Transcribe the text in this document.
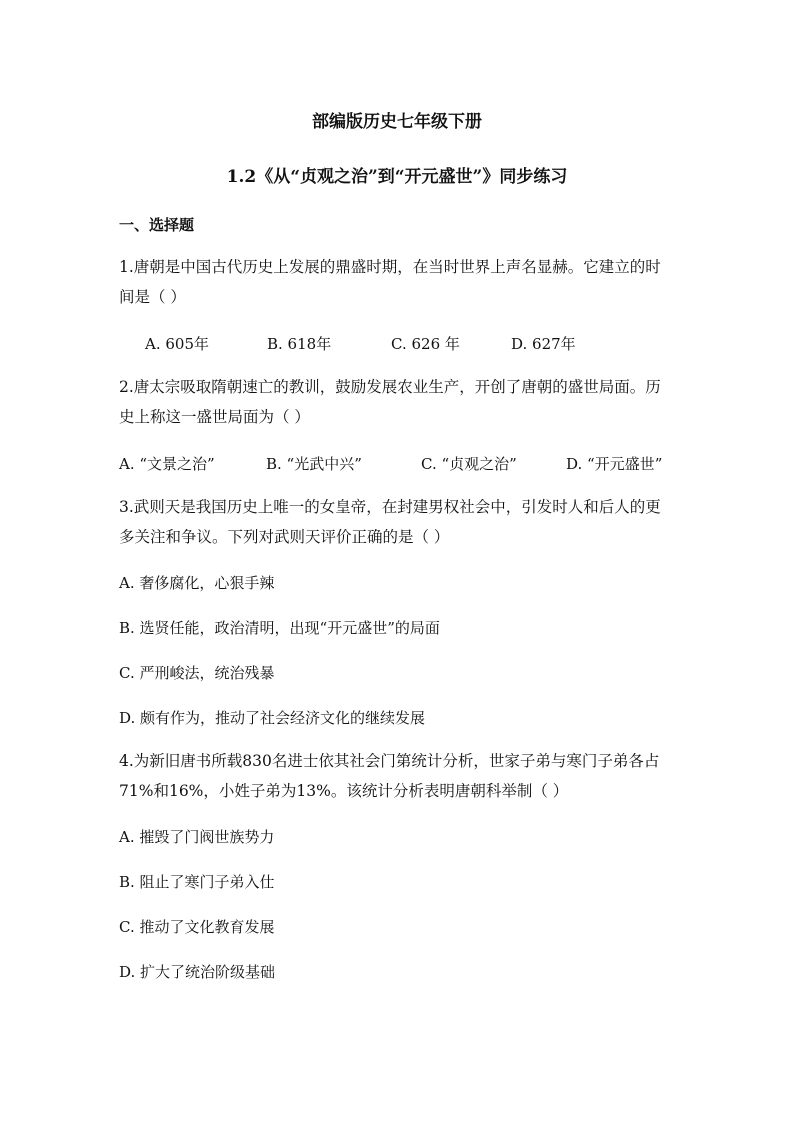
部编版历史七年级下册
1.2《从“贞观之治”到“开元盛世”》同步练习
一、选择题
1.唐朝是中国古代历史上发展的鼎盛时期，在当时世界上声名显赫。它建立的时
间是（ ）
A. 605年	B. 618年	C. 626 年	D. 627年
2.唐太宗吸取隋朝速亡的教训，鼓励发展农业生产，开创了唐朝的盛世局面。历
史上称这一盛世局面为（ ）
A. “文景之治”	B. “光武中兴”	C. “贞观之治”	D. “开元盛世”
3.武则天是我国历史上唯一的女皇帝，在封建男权社会中，引发时人和后人的更
多关注和争议。下列对武则天评价正确的是（ ）
A. 奢侈腐化，心狠手辣
B. 选贤任能，政治清明，出现“开元盛世”的局面
C. 严刑峻法，统治残暴
D. 颇有作为，推动了社会经济文化的继续发展
4.为新旧唐书所载830名进士依其社会门第统计分析，世家子弟与寒门子弟各占
71%和16%，小姓子弟为13%。该统计分析表明唐朝科举制（ ）
A. 摧毁了门阀世族势力
B. 阻止了寒门子弟入仕
C. 推动了文化教育发展
D. 扩大了统治阶级基础
